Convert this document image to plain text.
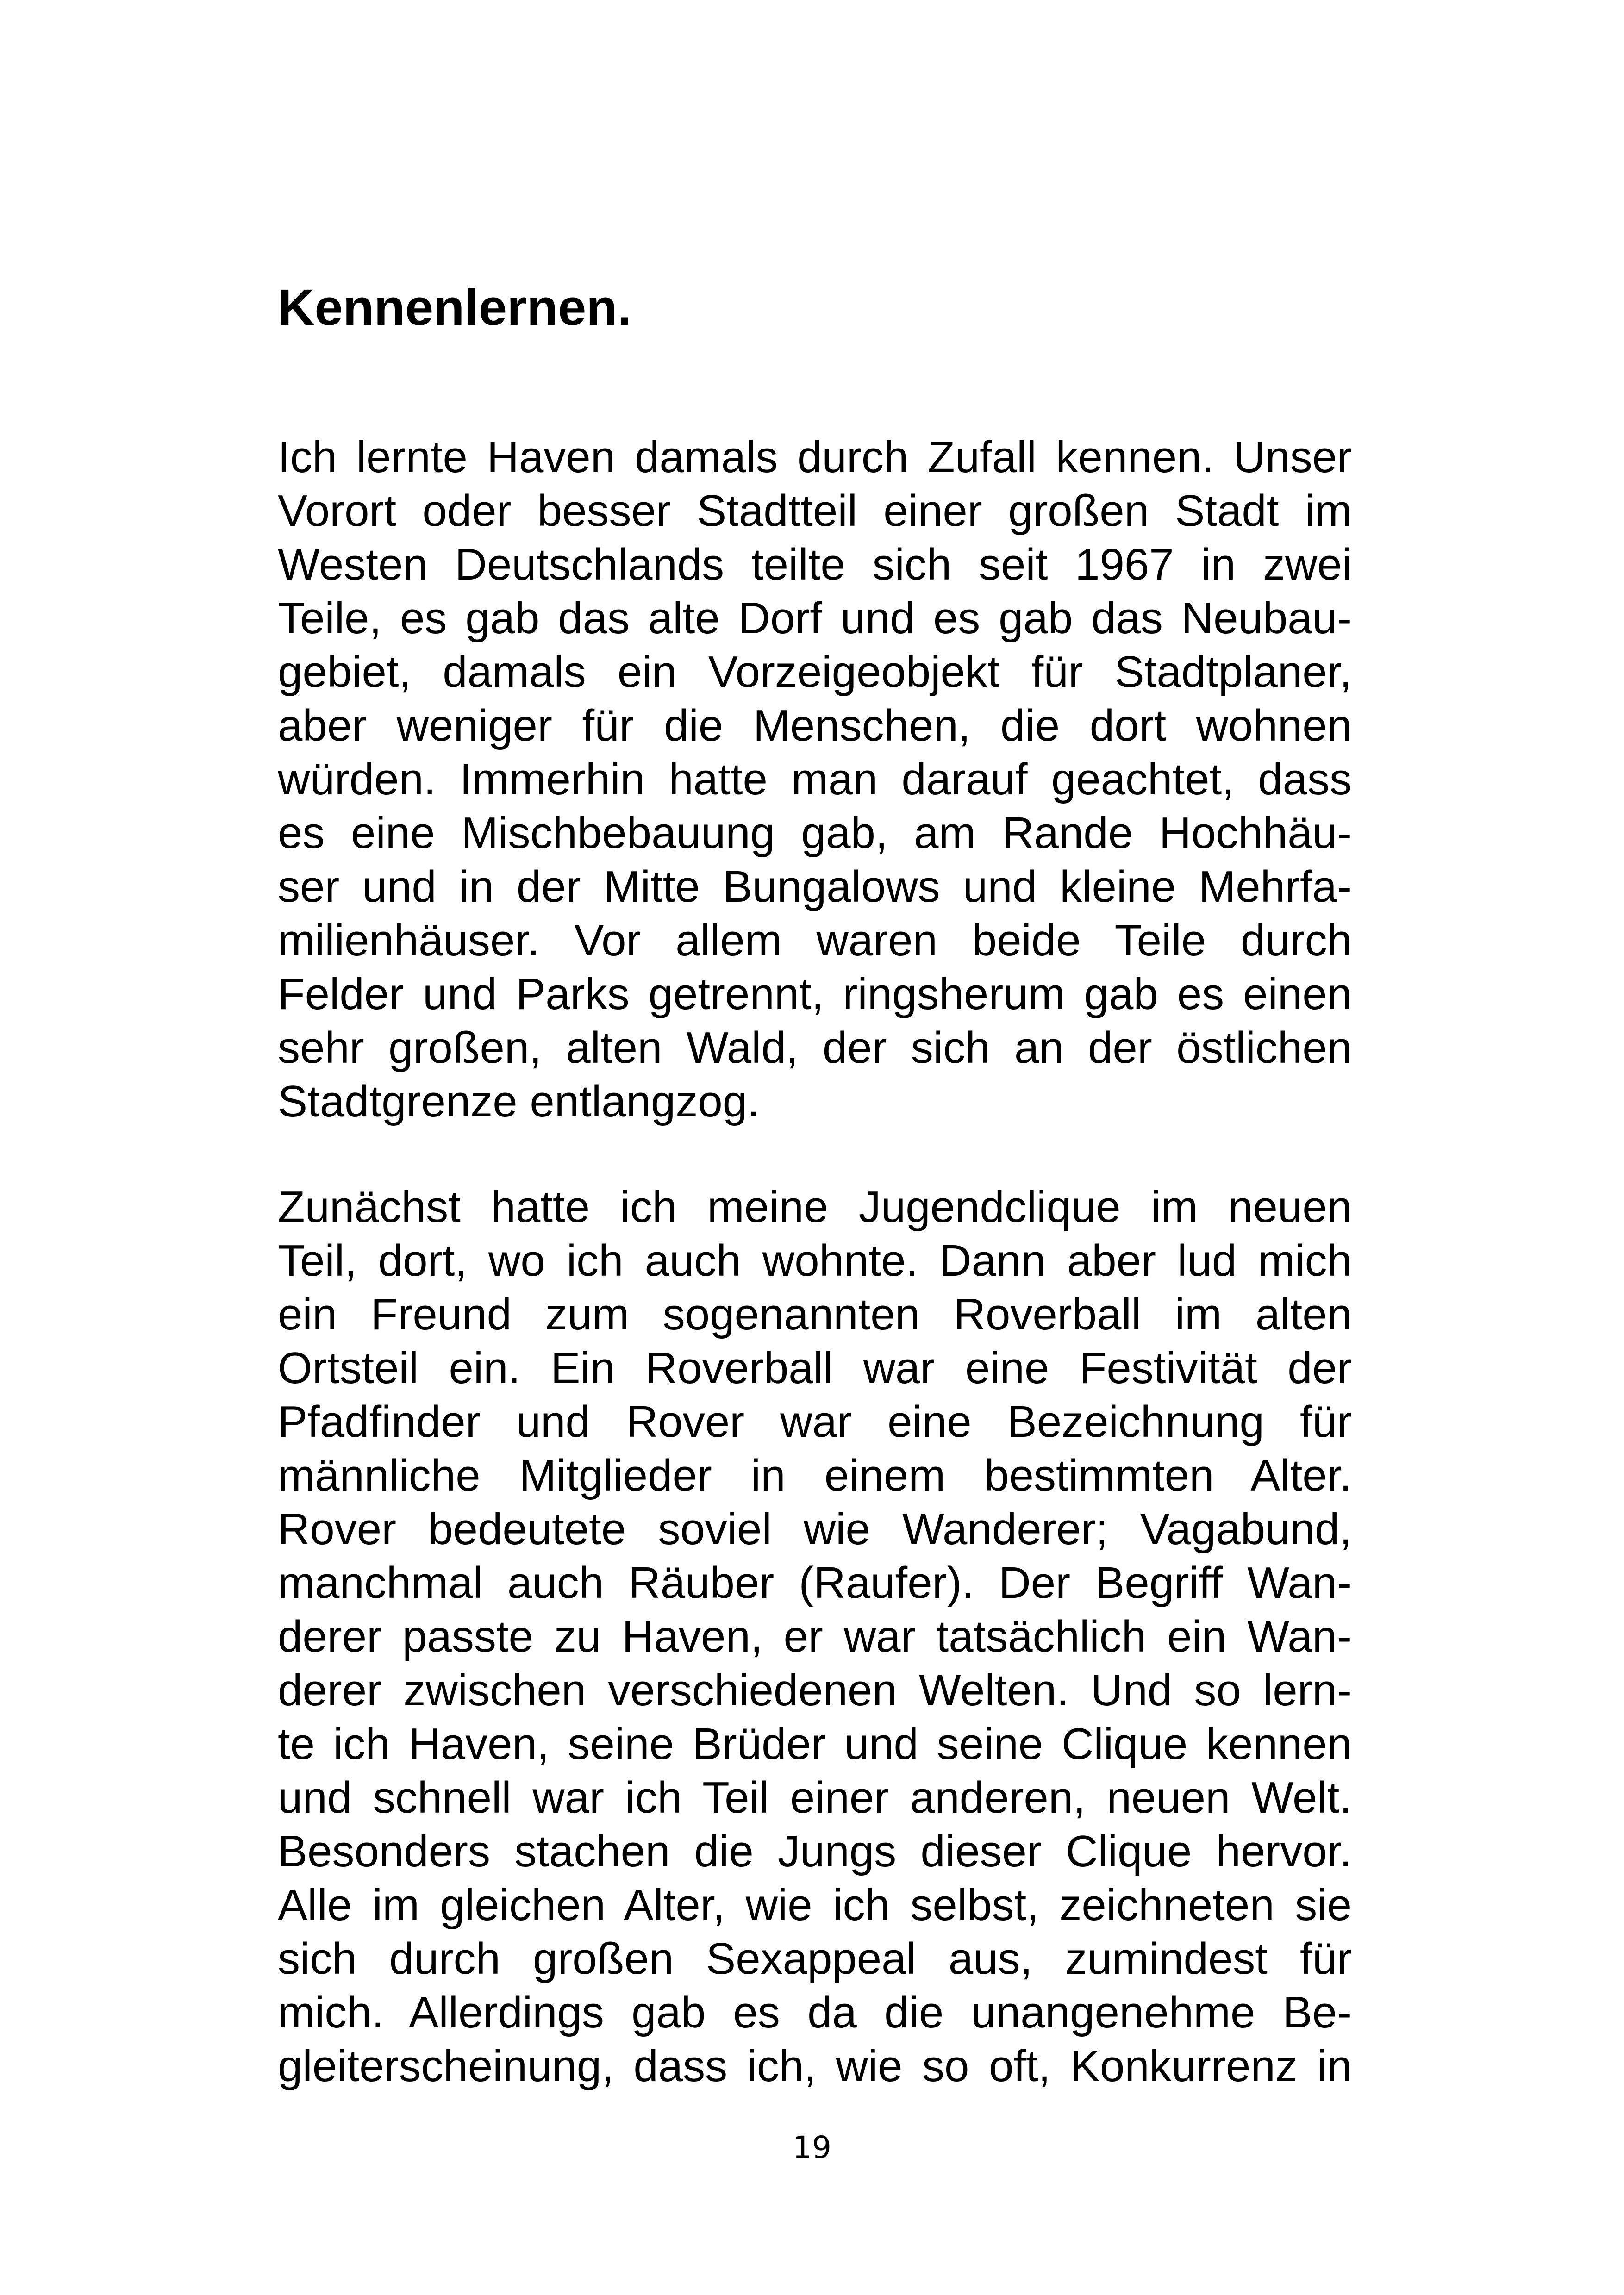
Kennenlernen.

Ich lernte Haven damals durch Zufall kennen. Unser
Vorort oder besser Stadtteil einer großen Stadt im
Westen Deutschlands teilte sich seit 1967 in zwei
Teile, es gab das alte Dorf und es gab das Neubau-
gebiet, damals ein Vorzeigeobjekt für Stadtplaner,
aber weniger für die Menschen, die dort wohnen
würden. Immerhin hatte man darauf geachtet, dass
es eine Mischbebauung gab, am Rande Hochhäu-
ser und in der Mitte Bungalows und kleine Mehrfa-
milienhäuser. Vor allem waren beide Teile durch
Felder und Parks getrennt, ringsherum gab es einen
sehr großen, alten Wald, der sich an der östlichen
Stadtgrenze entlangzog.

Zunächst hatte ich meine Jugendclique im neuen
Teil, dort, wo ich auch wohnte. Dann aber lud mich
ein Freund zum sogenannten Roverball im alten
Ortsteil ein. Ein Roverball war eine Festivität der
Pfadfinder und Rover war eine Bezeichnung für
männliche Mitglieder in einem bestimmten Alter.
Rover bedeutete soviel wie Wanderer; Vagabund,
manchmal auch Räuber (Raufer). Der Begriff Wan-
derer passte zu Haven, er war tatsächlich ein Wan-
derer zwischen verschiedenen Welten. Und so lern-
te ich Haven, seine Brüder und seine Clique kennen
und schnell war ich Teil einer anderen, neuen Welt.
Besonders stachen die Jungs dieser Clique hervor.
Alle im gleichen Alter, wie ich selbst, zeichneten sie
sich durch großen Sexappeal aus, zumindest für
mich. Allerdings gab es da die unangenehme Be-
gleiterscheinung, dass ich, wie so oft, Konkurrenz in

19
